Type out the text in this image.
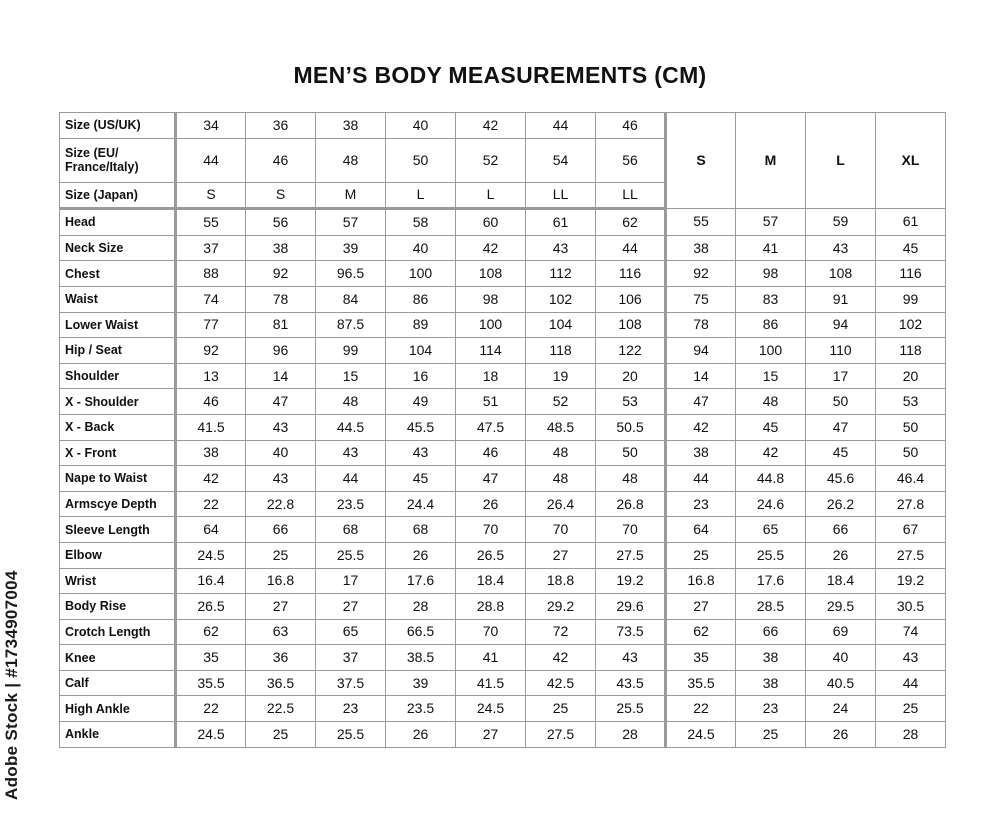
MEN’S BODY MEASUREMENTS (CM)
Adobe Stock | #1734907004
Size (US/UK)	34	36	38	40	42	44	46	S	M	L	XL
Size (EU/ France/Italy)	44	46	48	50	52	54	56				
Size (Japan)	S	S	M	L	L	LL	LL				
Head	55	56	57	58	60	61	62	55	57	59	61
Neck Size	37	38	39	40	42	43	44	38	41	43	45
Chest	88	92	96.5	100	108	112	116	92	98	108	116
Waist	74	78	84	86	98	102	106	75	83	91	99
Lower Waist	77	81	87.5	89	100	104	108	78	86	94	102
Hip / Seat	92	96	99	104	114	118	122	94	100	110	118
Shoulder	13	14	15	16	18	19	20	14	15	17	20
X - Shoulder	46	47	48	49	51	52	53	47	48	50	53
X - Back	41.5	43	44.5	45.5	47.5	48.5	50.5	42	45	47	50
X - Front	38	40	43	43	46	48	50	38	42	45	50
Nape to Waist	42	43	44	45	47	48	48	44	44.8	45.6	46.4
Armscye Depth	22	22.8	23.5	24.4	26	26.4	26.8	23	24.6	26.2	27.8
Sleeve Length	64	66	68	68	70	70	70	64	65	66	67
Elbow	24.5	25	25.5	26	26.5	27	27.5	25	25.5	26	27.5
Wrist	16.4	16.8	17	17.6	18.4	18.8	19.2	16.8	17.6	18.4	19.2
Body Rise	26.5	27	27	28	28.8	29.2	29.6	27	28.5	29.5	30.5
Crotch Length	62	63	65	66.5	70	72	73.5	62	66	69	74
Knee	35	36	37	38.5	41	42	43	35	38	40	43
Calf	35.5	36.5	37.5	39	41.5	42.5	43.5	35.5	38	40.5	44
High Ankle	22	22.5	23	23.5	24.5	25	25.5	22	23	24	25
Ankle	24.5	25	25.5	26	27	27.5	28	24.5	25	26	28
